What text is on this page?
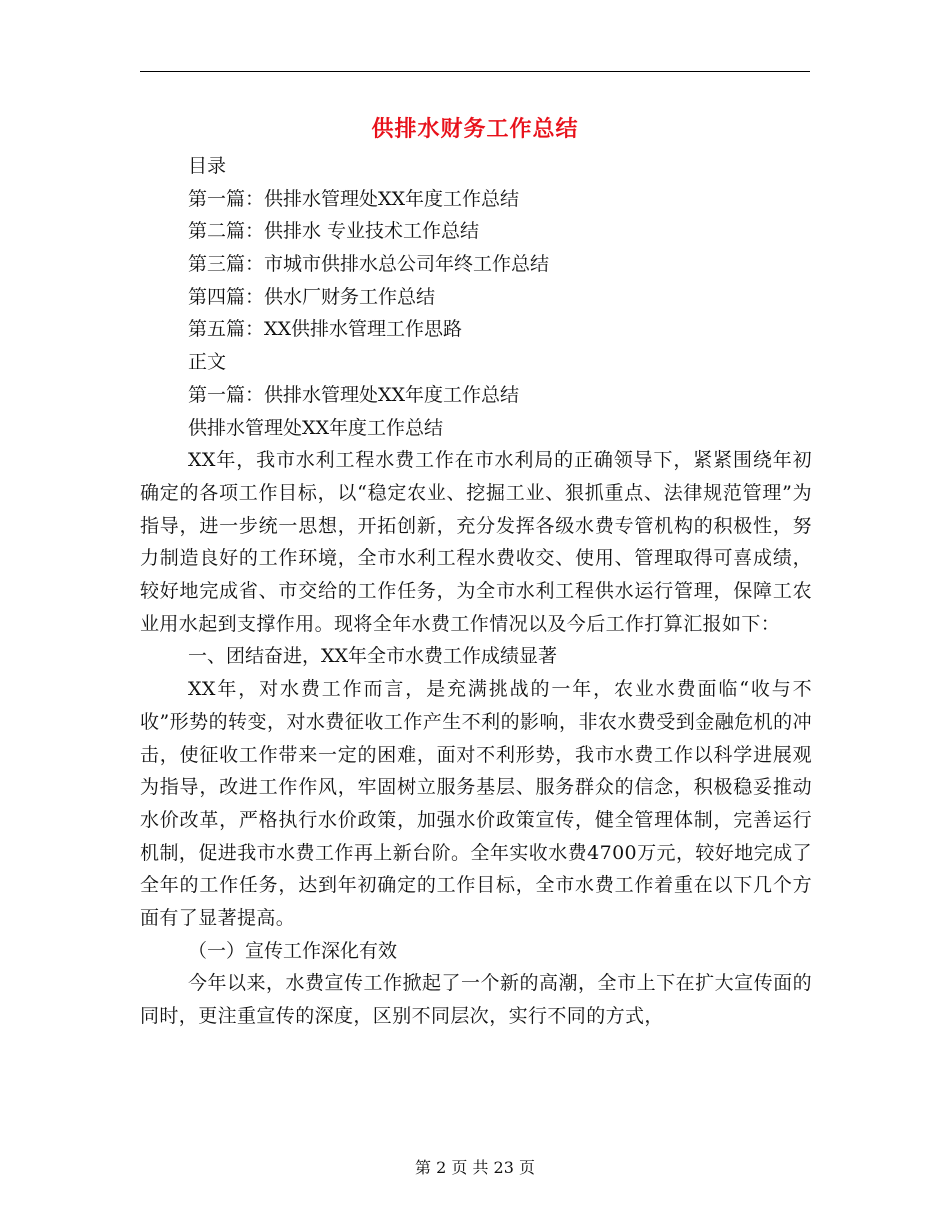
供排水财务工作总结
目录
第一篇：供排水管理处XX年度工作总结
第二篇：供排水 专业技术工作总结
第三篇：市城市供排水总公司年终工作总结
第四篇：供水厂财务工作总结
第五篇：XX供排水管理工作思路
正文
第一篇：供排水管理处XX年度工作总结
供排水管理处XX年度工作总结

XX年，我市水利工程水费工作在市水利局的正确领导下，紧紧围绕年初确定的各项工作目标，以“稳定农业、挖掘工业、狠抓重点、法律规范管理”为指导，进一步统一思想，开拓创新，充分发挥各级水费专管机构的积极性，努力制造良好的工作环境，全市水利工程水费收交、使用、管理取得可喜成绩，较好地完成省、市交给的工作任务，为全市水利工程供水运行管理，保障工农业用水起到支撑作用。现将全年水费工作情况以及今后工作打算汇报如下：

一、团结奋进，XX年全市水费工作成绩显著

XX年，对水费工作而言，是充满挑战的一年，农业水费面临“收与不收”形势的转变，对水费征收工作产生不利的影响，非农水费受到金融危机的冲击，使征收工作带来一定的困难，面对不利形势，我市水费工作以科学进展观为指导，改进工作作风，牢固树立服务基层、服务群众的信念，积极稳妥推动水价改革，严格执行水价政策，加强水价政策宣传，健全管理体制，完善运行机制，促进我市水费工作再上新台阶。全年实收水费4700万元，较好地完成了全年的工作任务，达到年初确定的工作目标，全市水费工作着重在以下几个方面有了显著提高。

（一）宣传工作深化有效

今年以来，水费宣传工作掀起了一个新的高潮，全市上下在扩大宣传面的同时，更注重宣传的深度，区别不同层次，实行不同的方式，

第 2 页 共 23 页
